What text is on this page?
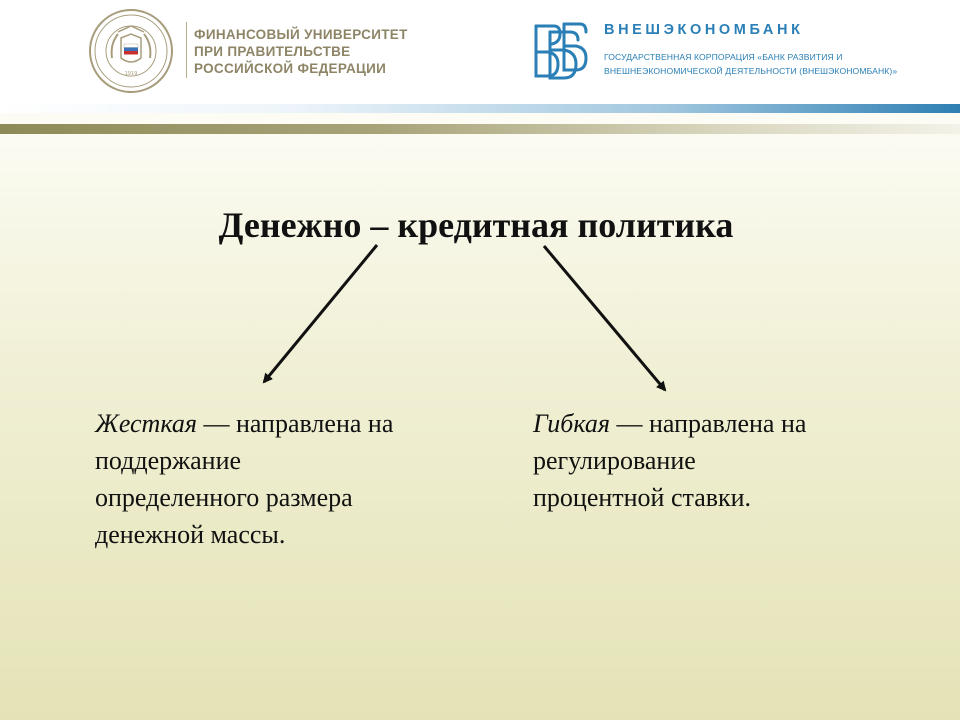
1919
ФИНАНСОВЫЙ УНИВЕРСИТЕТ
ПРИ ПРАВИТЕЛЬСТВЕ
РОССИЙСКОЙ ФЕДЕРАЦИИ
ВНЕШЭКОНОМБАНК
ГОСУДАРСТВЕННАЯ КОРПОРАЦИЯ «БАНК РАЗВИТИЯ И
ВНЕШНЕЭКОНОМИЧЕСКОЙ ДЕЯТЕЛЬНОСТИ (ВНЕШЭКОНОМБАНК)»
Денежно – кредитная политика
Жесткая — направлена на
поддержание
определенного размера
денежной массы.
Гибкая — направлена на
регулирование
процентной ставки.
